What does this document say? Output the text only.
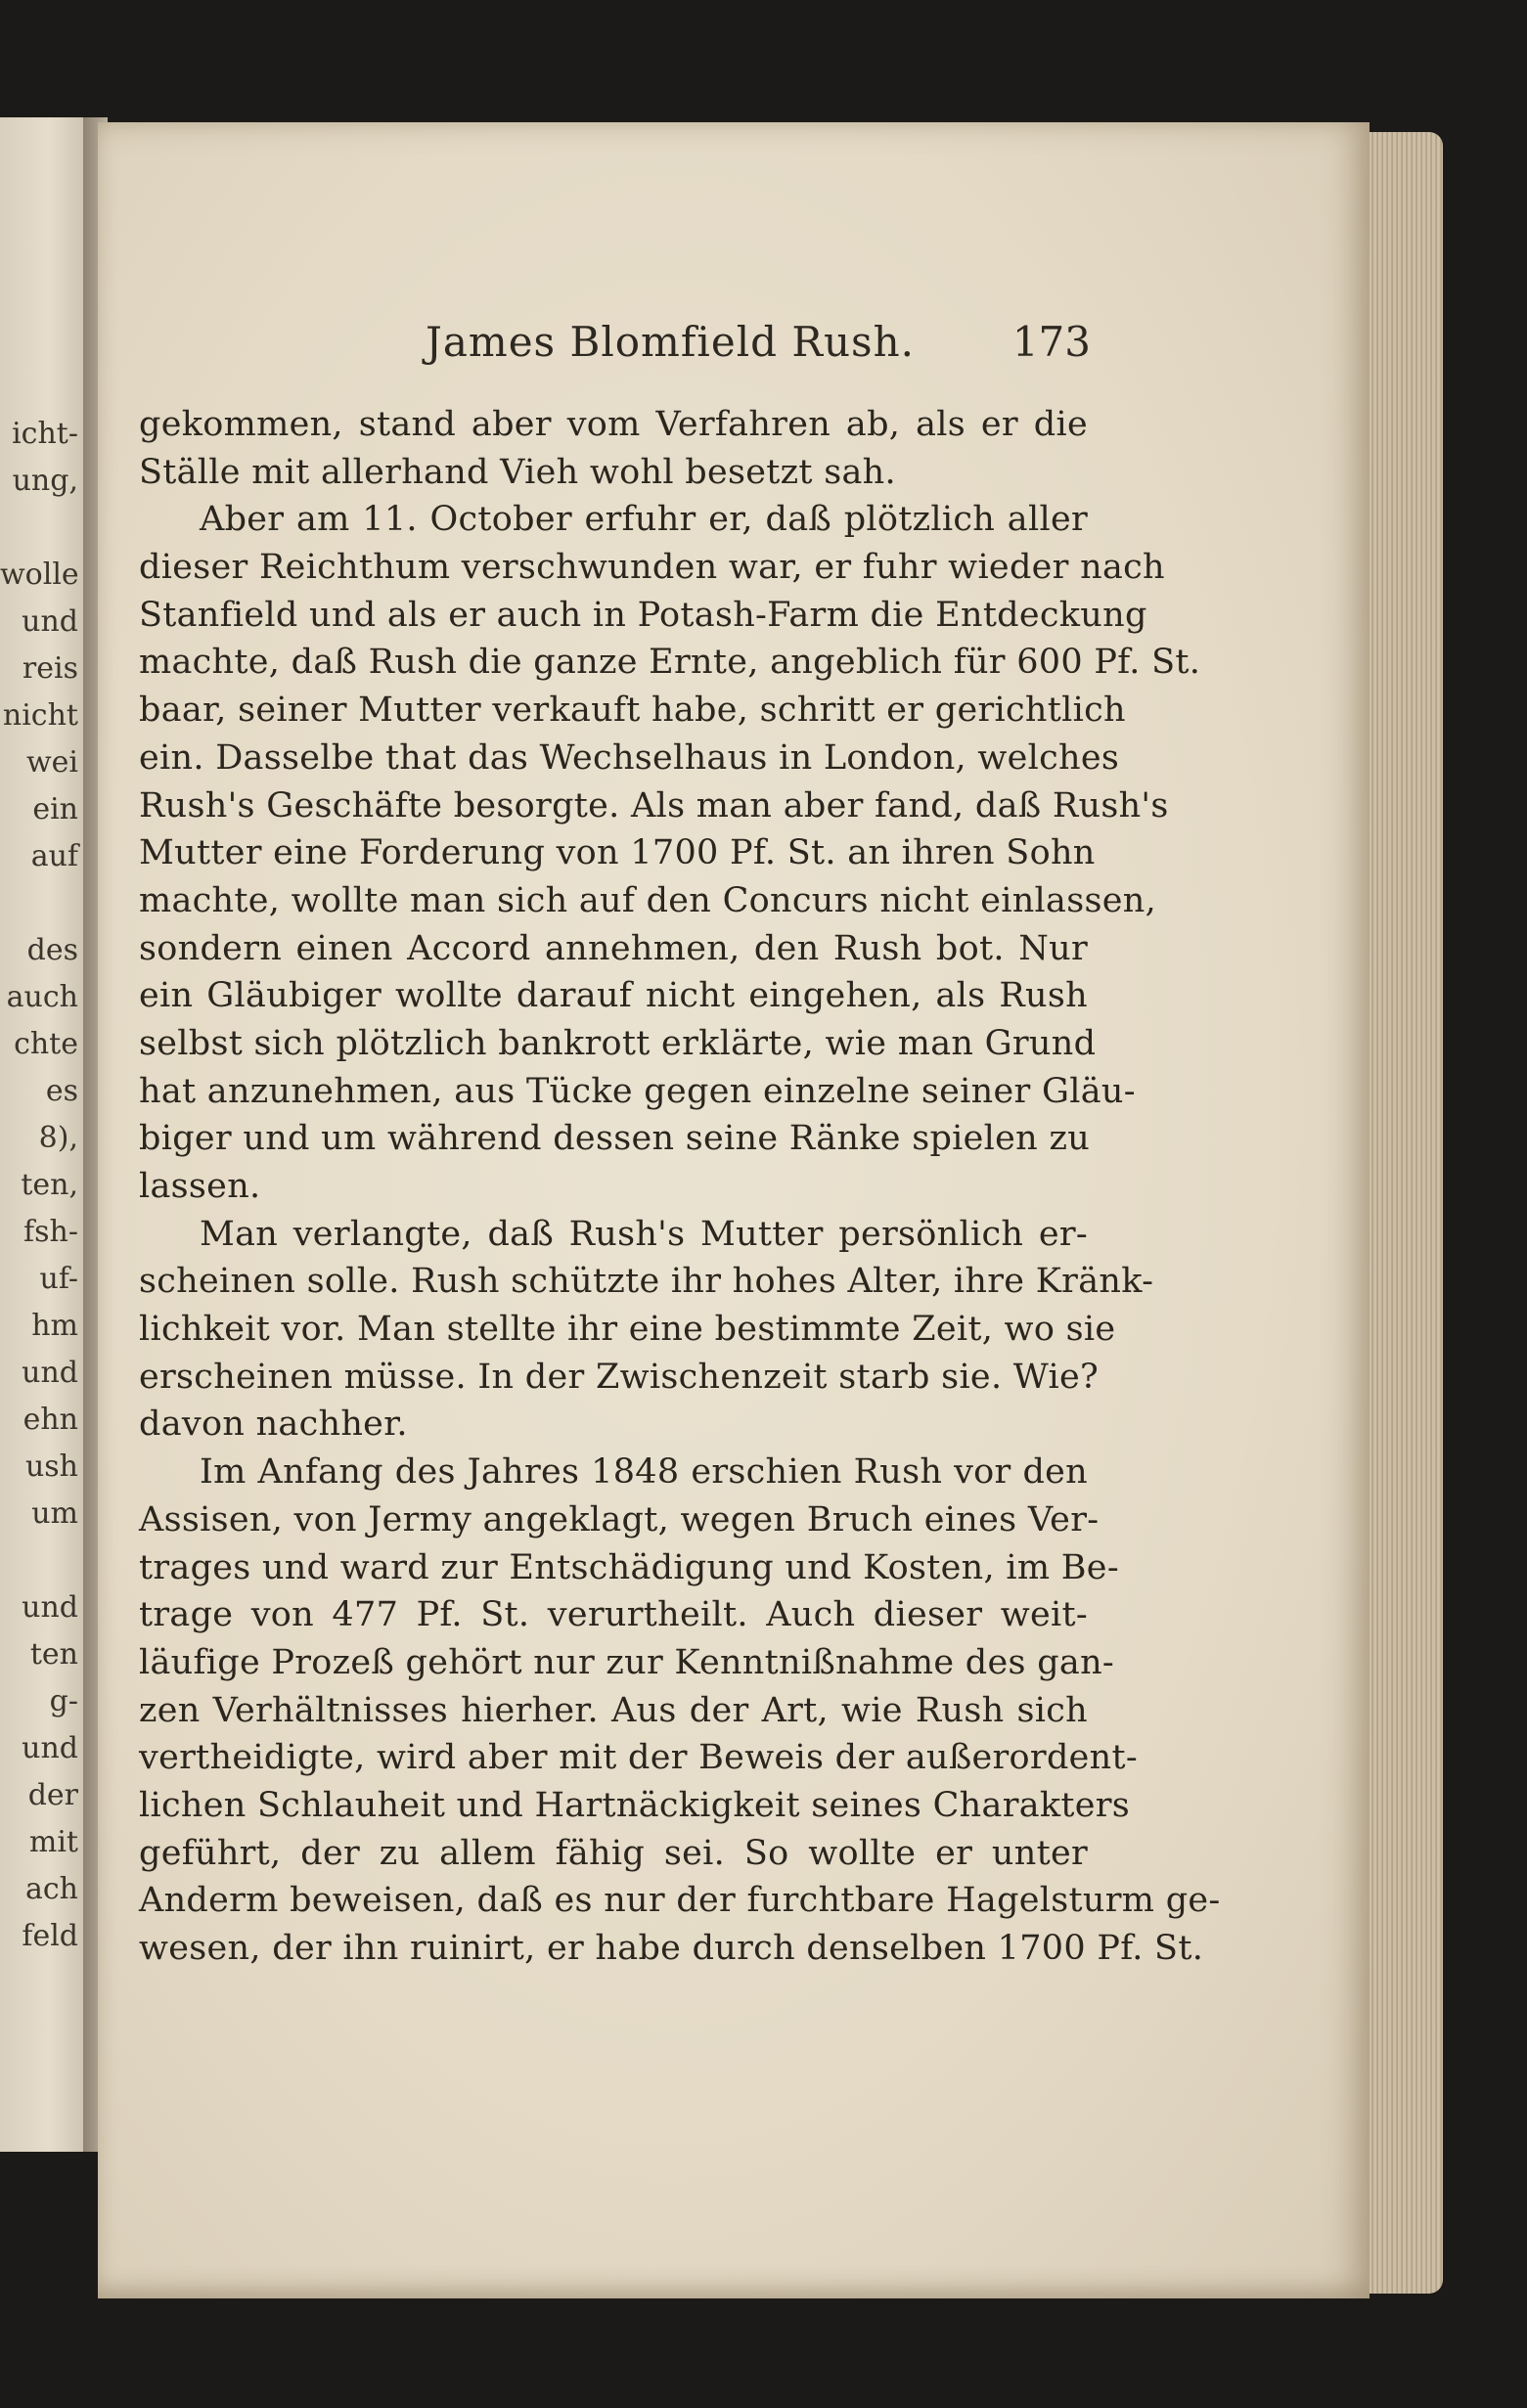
icht-
ung,
wolle
und
reis
nicht
wei
ein
auf
des
auch
chte
es
8),
ten,
fsh-
uf-
hm
und
ehn
ush
um
und
ten
g-
und
der
mit
ach
feld
James Blomfield Rush. 173
gekommen, stand aber vom Verfahren ab, als er die
Ställe mit allerhand Vieh wohl besetzt sah.
Aber am 11. October erfuhr er, daß plötzlich aller
dieser Reichthum verschwunden war, er fuhr wieder nach
Stanfield und als er auch in Potash-Farm die Entdeckung
machte, daß Rush die ganze Ernte, angeblich für 600 Pf. St.
baar, seiner Mutter verkauft habe, schritt er gerichtlich
ein. Dasselbe that das Wechselhaus in London, welches
Rush's Geschäfte besorgte. Als man aber fand, daß Rush's
Mutter eine Forderung von 1700 Pf. St. an ihren Sohn
machte, wollte man sich auf den Concurs nicht einlassen,
sondern einen Accord annehmen, den Rush bot. Nur
ein Gläubiger wollte darauf nicht eingehen, als Rush
selbst sich plötzlich bankrott erklärte, wie man Grund
hat anzunehmen, aus Tücke gegen einzelne seiner Gläu-
biger und um während dessen seine Ränke spielen zu
lassen.
Man verlangte, daß Rush's Mutter persönlich er-
scheinen solle. Rush schützte ihr hohes Alter, ihre Kränk-
lichkeit vor. Man stellte ihr eine bestimmte Zeit, wo sie
erscheinen müsse. In der Zwischenzeit starb sie. Wie?
davon nachher.
Im Anfang des Jahres 1848 erschien Rush vor den
Assisen, von Jermy angeklagt, wegen Bruch eines Ver-
trages und ward zur Entschädigung und Kosten, im Be-
trage von 477 Pf. St. verurtheilt. Auch dieser weit-
läufige Prozeß gehört nur zur Kenntnißnahme des gan-
zen Verhältnisses hierher. Aus der Art, wie Rush sich
vertheidigte, wird aber mit der Beweis der außerordent-
lichen Schlauheit und Hartnäckigkeit seines Charakters
geführt, der zu allem fähig sei. So wollte er unter
Anderm beweisen, daß es nur der furchtbare Hagelsturm ge-
wesen, der ihn ruinirt, er habe durch denselben 1700 Pf. St.
